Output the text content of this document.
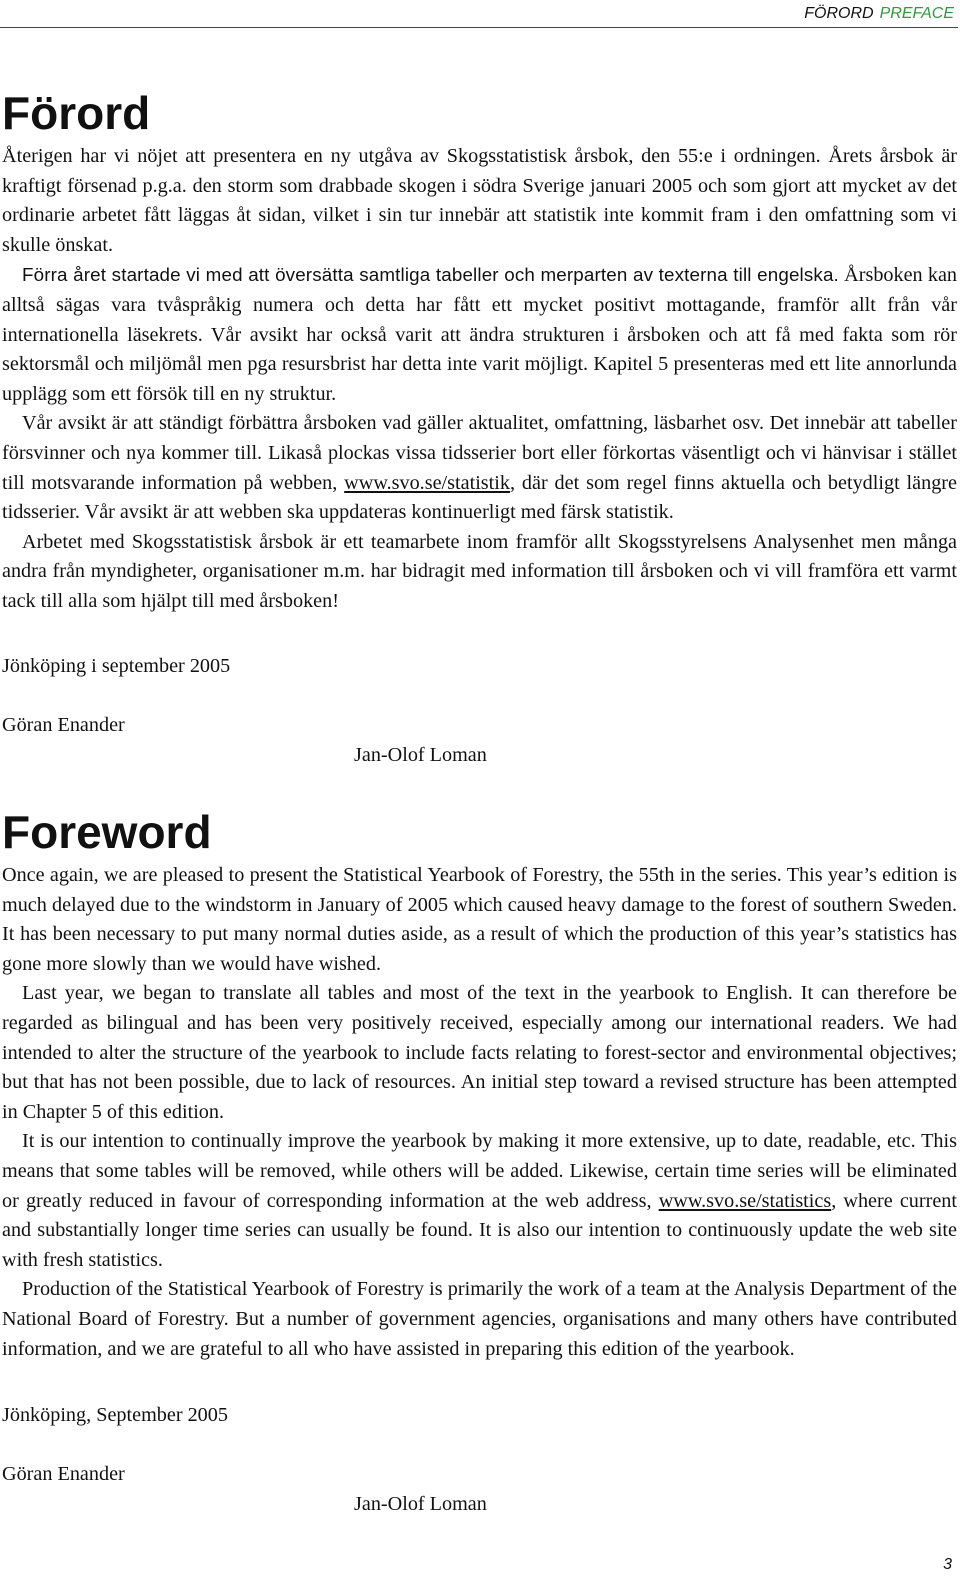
FÖRORD PREFACE
Förord

Återigen har vi nöjet att presentera en ny utgåva av Skogsstatistisk årsbok, den 55:e i ordningen. Årets årsbok är kraftigt försenad p.g.a. den storm som drabbade skogen i södra Sverige januari 2005 och som gjort att mycket av det ordinarie arbetet fått läggas åt sidan, vilket i sin tur innebär att statistik inte kommit fram i den omfattning som vi skulle önskat.

Förra året startade vi med att översätta samtliga tabeller och merparten av texterna till engelska. Årsboken kan alltså sägas vara tvåspråkig numera och detta har fått ett mycket positivt mottagande, framför allt från vår internationella läsekrets. Vår avsikt har också varit att ändra strukturen i årsboken och att få med fakta som rör sektorsmål och miljömål men pga resursbrist har detta inte varit möjligt. Kapitel 5 presenteras med ett lite annorlunda upplägg som ett försök till en ny struktur.

Vår avsikt är att ständigt förbättra årsboken vad gäller aktualitet, omfattning, läsbarhet osv. Det innebär att tabeller försvinner och nya kommer till. Likaså plockas vissa tidsserier bort eller förkortas väsentligt och vi hänvisar i stället till motsvarande information på webben, www.svo.se/statistik, där det som regel finns aktuella och betydligt längre tidsserier. Vår avsikt är att webben ska uppdateras kontinuerligt med färsk statistik.

Arbetet med Skogsstatistisk årsbok är ett teamarbete inom framför allt Skogsstyrelsens Analysenhet men många andra från myndigheter, organisationer m.m. har bidragit med information till årsboken och vi vill framföra ett varmt tack till alla som hjälpt till med årsboken!

Jönköping i september 2005
Göran Enander
Jan-Olof Loman
Foreword

Once again, we are pleased to present the Statistical Yearbook of Forestry, the 55th in the series. This year’s edition is much delayed due to the windstorm in January of 2005 which caused heavy damage to the forest of southern Sweden. It has been necessary to put many normal duties aside, as a result of which the production of this year’s statistics has gone more slowly than we would have wished.

Last year, we began to translate all tables and most of the text in the yearbook to English. It can therefore be regarded as bilingual and has been very positively received, especially among our international readers. We had intended to alter the structure of the yearbook to include facts relating to forest-sector and environmental objectives; but that has not been possible, due to lack of resources. An initial step toward a revised structure has been attempted in Chapter 5 of this edition.

It is our intention to continually improve the yearbook by making it more extensive, up to date, readable, etc. This means that some tables will be removed, while others will be added. Likewise, certain time series will be eliminated or greatly reduced in favour of corresponding information at the web address, www.svo.se/statistics, where current and substantially longer time series can usually be found. It is also our intention to continuously update the web site with fresh statistics.

Production of the Statistical Yearbook of Forestry is primarily the work of a team at the Analysis Department of the National Board of Forestry. But a number of government agencies, organisations and many others have contributed information, and we are grateful to all who have assisted in preparing this edition of the yearbook.

Jönköping, September 2005
Göran Enander
Jan-Olof Loman
3
